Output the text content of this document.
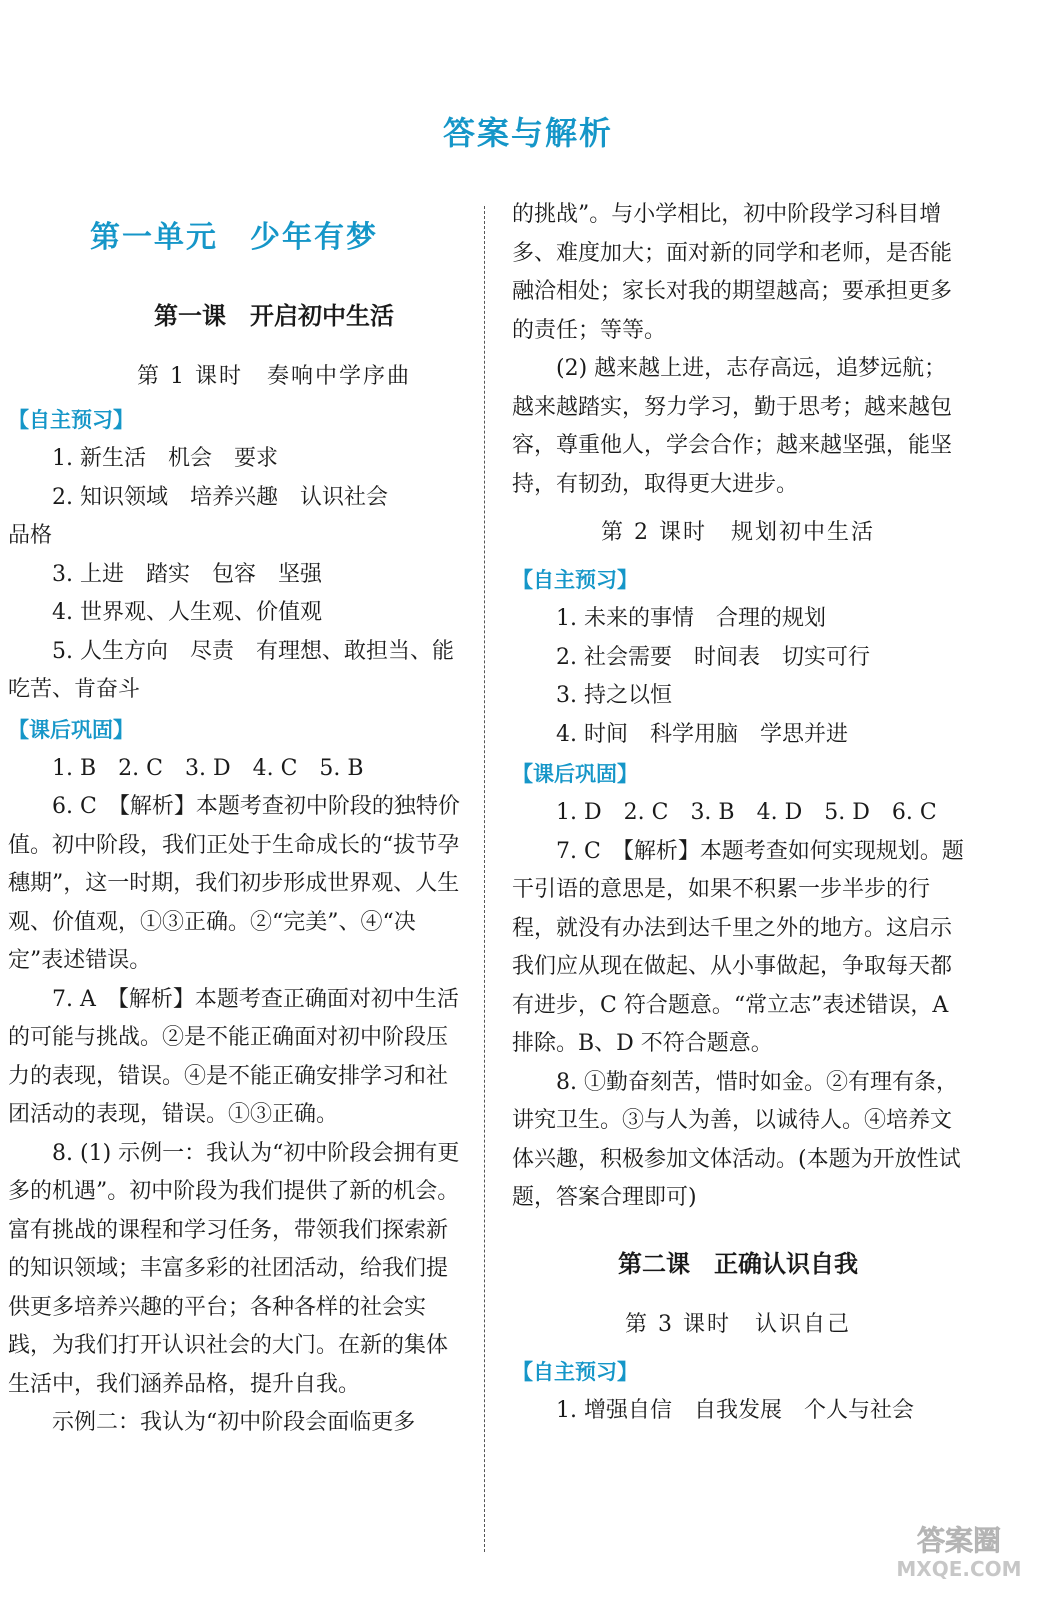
答案与解析
第一单元　少年有梦
第一课　开启初中生活
第 1 课时　奏响中学序曲
【自主预习】

1. 新生活　机会　要求

2. 知识领域　培养兴趣　认识社会

品格

3. 上进　踏实　包容　坚强

4. 世界观、人生观、价值观

5. 人生方向　尽责　有理想、敢担当、能

吃苦、肯奋斗

【课后巩固】

1. B　2. C　3. D　4. C　5. B

6. C　【解析】本题考查初中阶段的独特价值。初中阶段，我们正处于生命成长的“拔节孕穗期”，这一时期，我们初步形成世界观、人生观、价值观，①③正确。②“完美”、④“决定”表述错误。

7. A　【解析】本题考查正确面对初中生活的可能与挑战。②是不能正确面对初中阶段压力的表现，错误。④是不能正确安排学习和社团活动的表现，错误。①③正确。

8. (1) 示例一：我认为“初中阶段会拥有更多的机遇”。初中阶段为我们提供了新的机会。富有挑战的课程和学习任务，带领我们探索新的知识领域；丰富多彩的社团活动，给我们提供更多培养兴趣的平台；各种各样的社会实践，为我们打开认识社会的大门。在新的集体生活中，我们涵养品格，提升自我。

示例二：我认为“初中阶段会面临更多

的挑战”。与小学相比，初中阶段学习科目增多、难度加大；面对新的同学和老师，是否能融洽相处；家长对我的期望越高；要承担更多的责任；等等。

(2) 越来越上进，志存高远，追梦远航；越来越踏实，努力学习，勤于思考；越来越包容，尊重他人，学会合作；越来越坚强，能坚持，有韧劲，取得更大进步。

第 2 课时　规划初中生活
【自主预习】

1. 未来的事情　合理的规划

2. 社会需要　时间表　切实可行

3. 持之以恒

4. 时间　科学用脑　学思并进

【课后巩固】

1. D　2. C　3. B　4. D　5. D　6. C

7. C　【解析】本题考查如何实现规划。题干引语的意思是，如果不积累一步半步的行程，就没有办法到达千里之外的地方。这启示我们应从现在做起、从小事做起，争取每天都有进步，C 符合题意。“常立志”表述错误，A 排除。B、D 不符合题意。

8. ①勤奋刻苦，惜时如金。②有理有条，讲究卫生。③与人为善，以诚待人。④培养文体兴趣，积极参加文体活动。(本题为开放性试题，答案合理即可)

第二课　正确认识自我
第 3 课时　认识自己
【自主预习】

1. 增强自信　自我发展　个人与社会

答案圈
MXQE.COM
